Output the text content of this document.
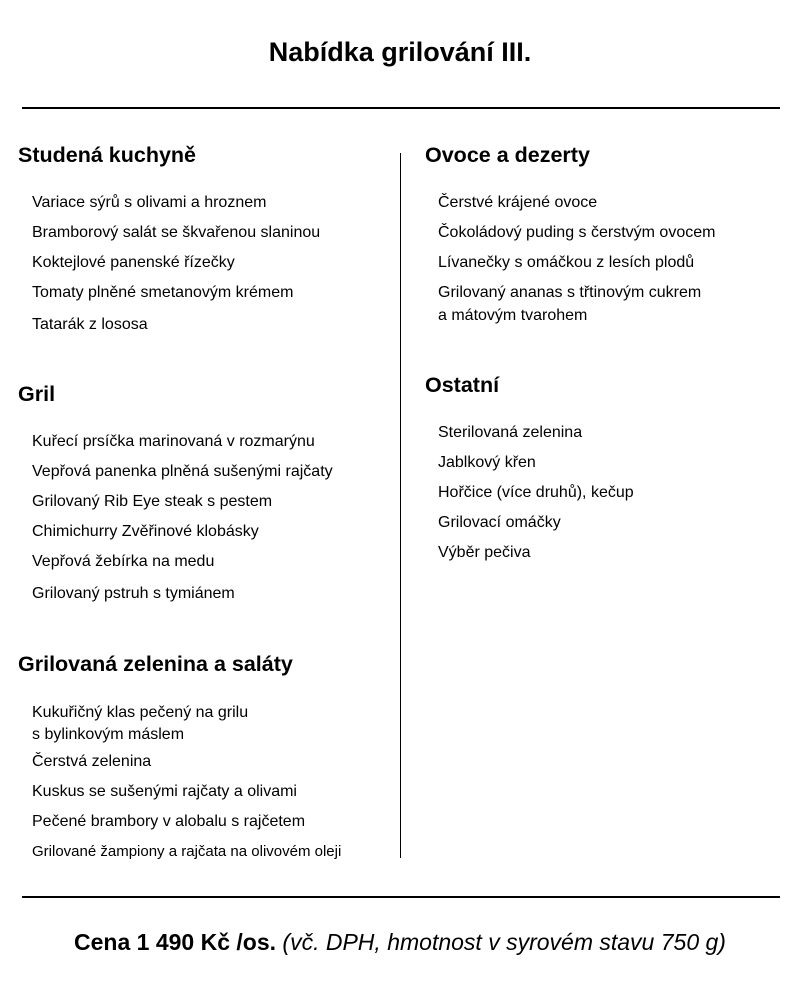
Nabídka grilování III.
Studená kuchyně
Variace sýrů s olivami a hroznem
Bramborový salát se škvařenou slaninou
Koktejlové panenské řízečky
Tomaty plněné smetanovým krémem
Tatarák z lososa
Gril
Kuřecí prsíčka marinovaná v rozmarýnu
Vepřová panenka plněná sušenými rajčaty
Grilovaný Rib Eye steak s pestem
Chimichurry Zvěřinové klobásky
Vepřová žebírka na medu
Grilovaný pstruh s tymiánem
Grilovaná zelenina a saláty
Kukuřičný klas pečený na grilu
s bylinkovým máslem
Čerstvá zelenina
Kuskus se sušenými rajčaty a olivami
Pečené brambory v alobalu s rajčetem
Grilované žampiony a rajčata na olivovém oleji
Ovoce a dezerty
Čerstvé krájené ovoce
Čokoládový puding s čerstvým ovocem
Lívanečky s omáčkou z lesích plodů
Grilovaný ananas s třtinovým cukrem
a mátovým tvarohem
Ostatní
Sterilovaná zelenina
Jablkový křen
Hořčice (více druhů), kečup
Grilovací omáčky
Výběr pečiva
Cena 1 490 Kč /os. (vč. DPH, hmotnost v syrovém stavu 750 g)
